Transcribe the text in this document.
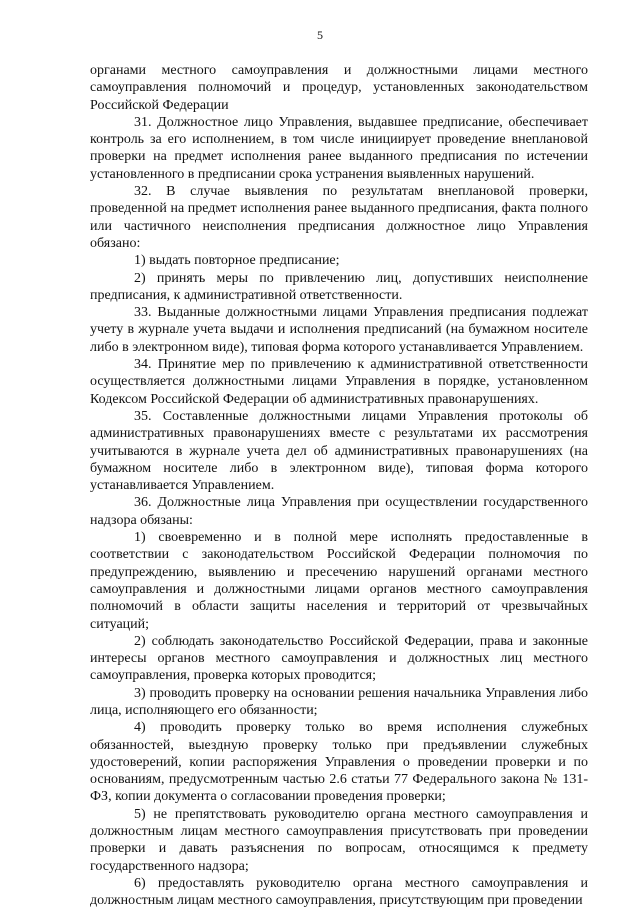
5

органами местного самоуправления и должностными лицами местного самоуправления полномочий и процедур, установленных законодательством Российской Федерации

31. Должностное лицо Управления, выдавшее предписание, обеспечивает контроль за его исполнением, в том числе инициирует проведение внеплановой проверки на предмет исполнения ранее выданного предписания по истечении установленного в предписании срока устранения выявленных нарушений.

32. В случае выявления по результатам внеплановой проверки, проведенной на предмет исполнения ранее выданного предписания, факта полного или частичного неисполнения предписания должностное лицо Управления обязано:

1) выдать повторное предписание;

2) принять меры по привлечению лиц, допустивших неисполнение предписания, к административной ответственности.

33. Выданные должностными лицами Управления предписания подлежат учету в журнале учета выдачи и исполнения предписаний (на бумажном носителе либо в электронном виде), типовая форма которого устанавливается Управлением.

34. Принятие мер по привлечению к административной ответственности осуществляется должностными лицами Управления в порядке, установленном Кодексом Российской Федерации об административных правонарушениях.

35. Составленные должностными лицами Управления протоколы об административных правонарушениях вместе с результатами их рассмотрения учитываются в журнале учета дел об административных правонарушениях (на бумажном носителе либо в электронном виде), типовая форма которого устанавливается Управлением.

36. Должностные лица Управления при осуществлении государственного надзора обязаны:

1) своевременно и в полной мере исполнять предоставленные в соответствии с законодательством Российской Федерации полномочия по предупреждению, выявлению и пресечению нарушений органами местного самоуправления и должностными лицами органов местного самоуправления полномочий в области защиты населения и территорий от чрезвычайных ситуаций;

2) соблюдать законодательство Российской Федерации, права и законные интересы органов местного самоуправления и должностных лиц местного самоуправления, проверка которых проводится;

3) проводить проверку на основании решения начальника Управления либо лица, исполняющего его обязанности;

4) проводить проверку только во время исполнения служебных обязанностей, выездную проверку только при предъявлении служебных удостоверений, копии распоряжения Управления о проведении проверки и по основаниям, предусмотренным частью 2.6 статьи 77 Федерального закона № 131-ФЗ, копии документа о согласовании проведения проверки;

5) не препятствовать руководителю органа местного самоуправления и должностным лицам местного самоуправления присутствовать при проведении проверки и давать разъяснения по вопросам, относящимся к предмету государственного надзора;

6) предоставлять руководителю органа местного самоуправления и должностным лицам местного самоуправления, присутствующим при проведении
